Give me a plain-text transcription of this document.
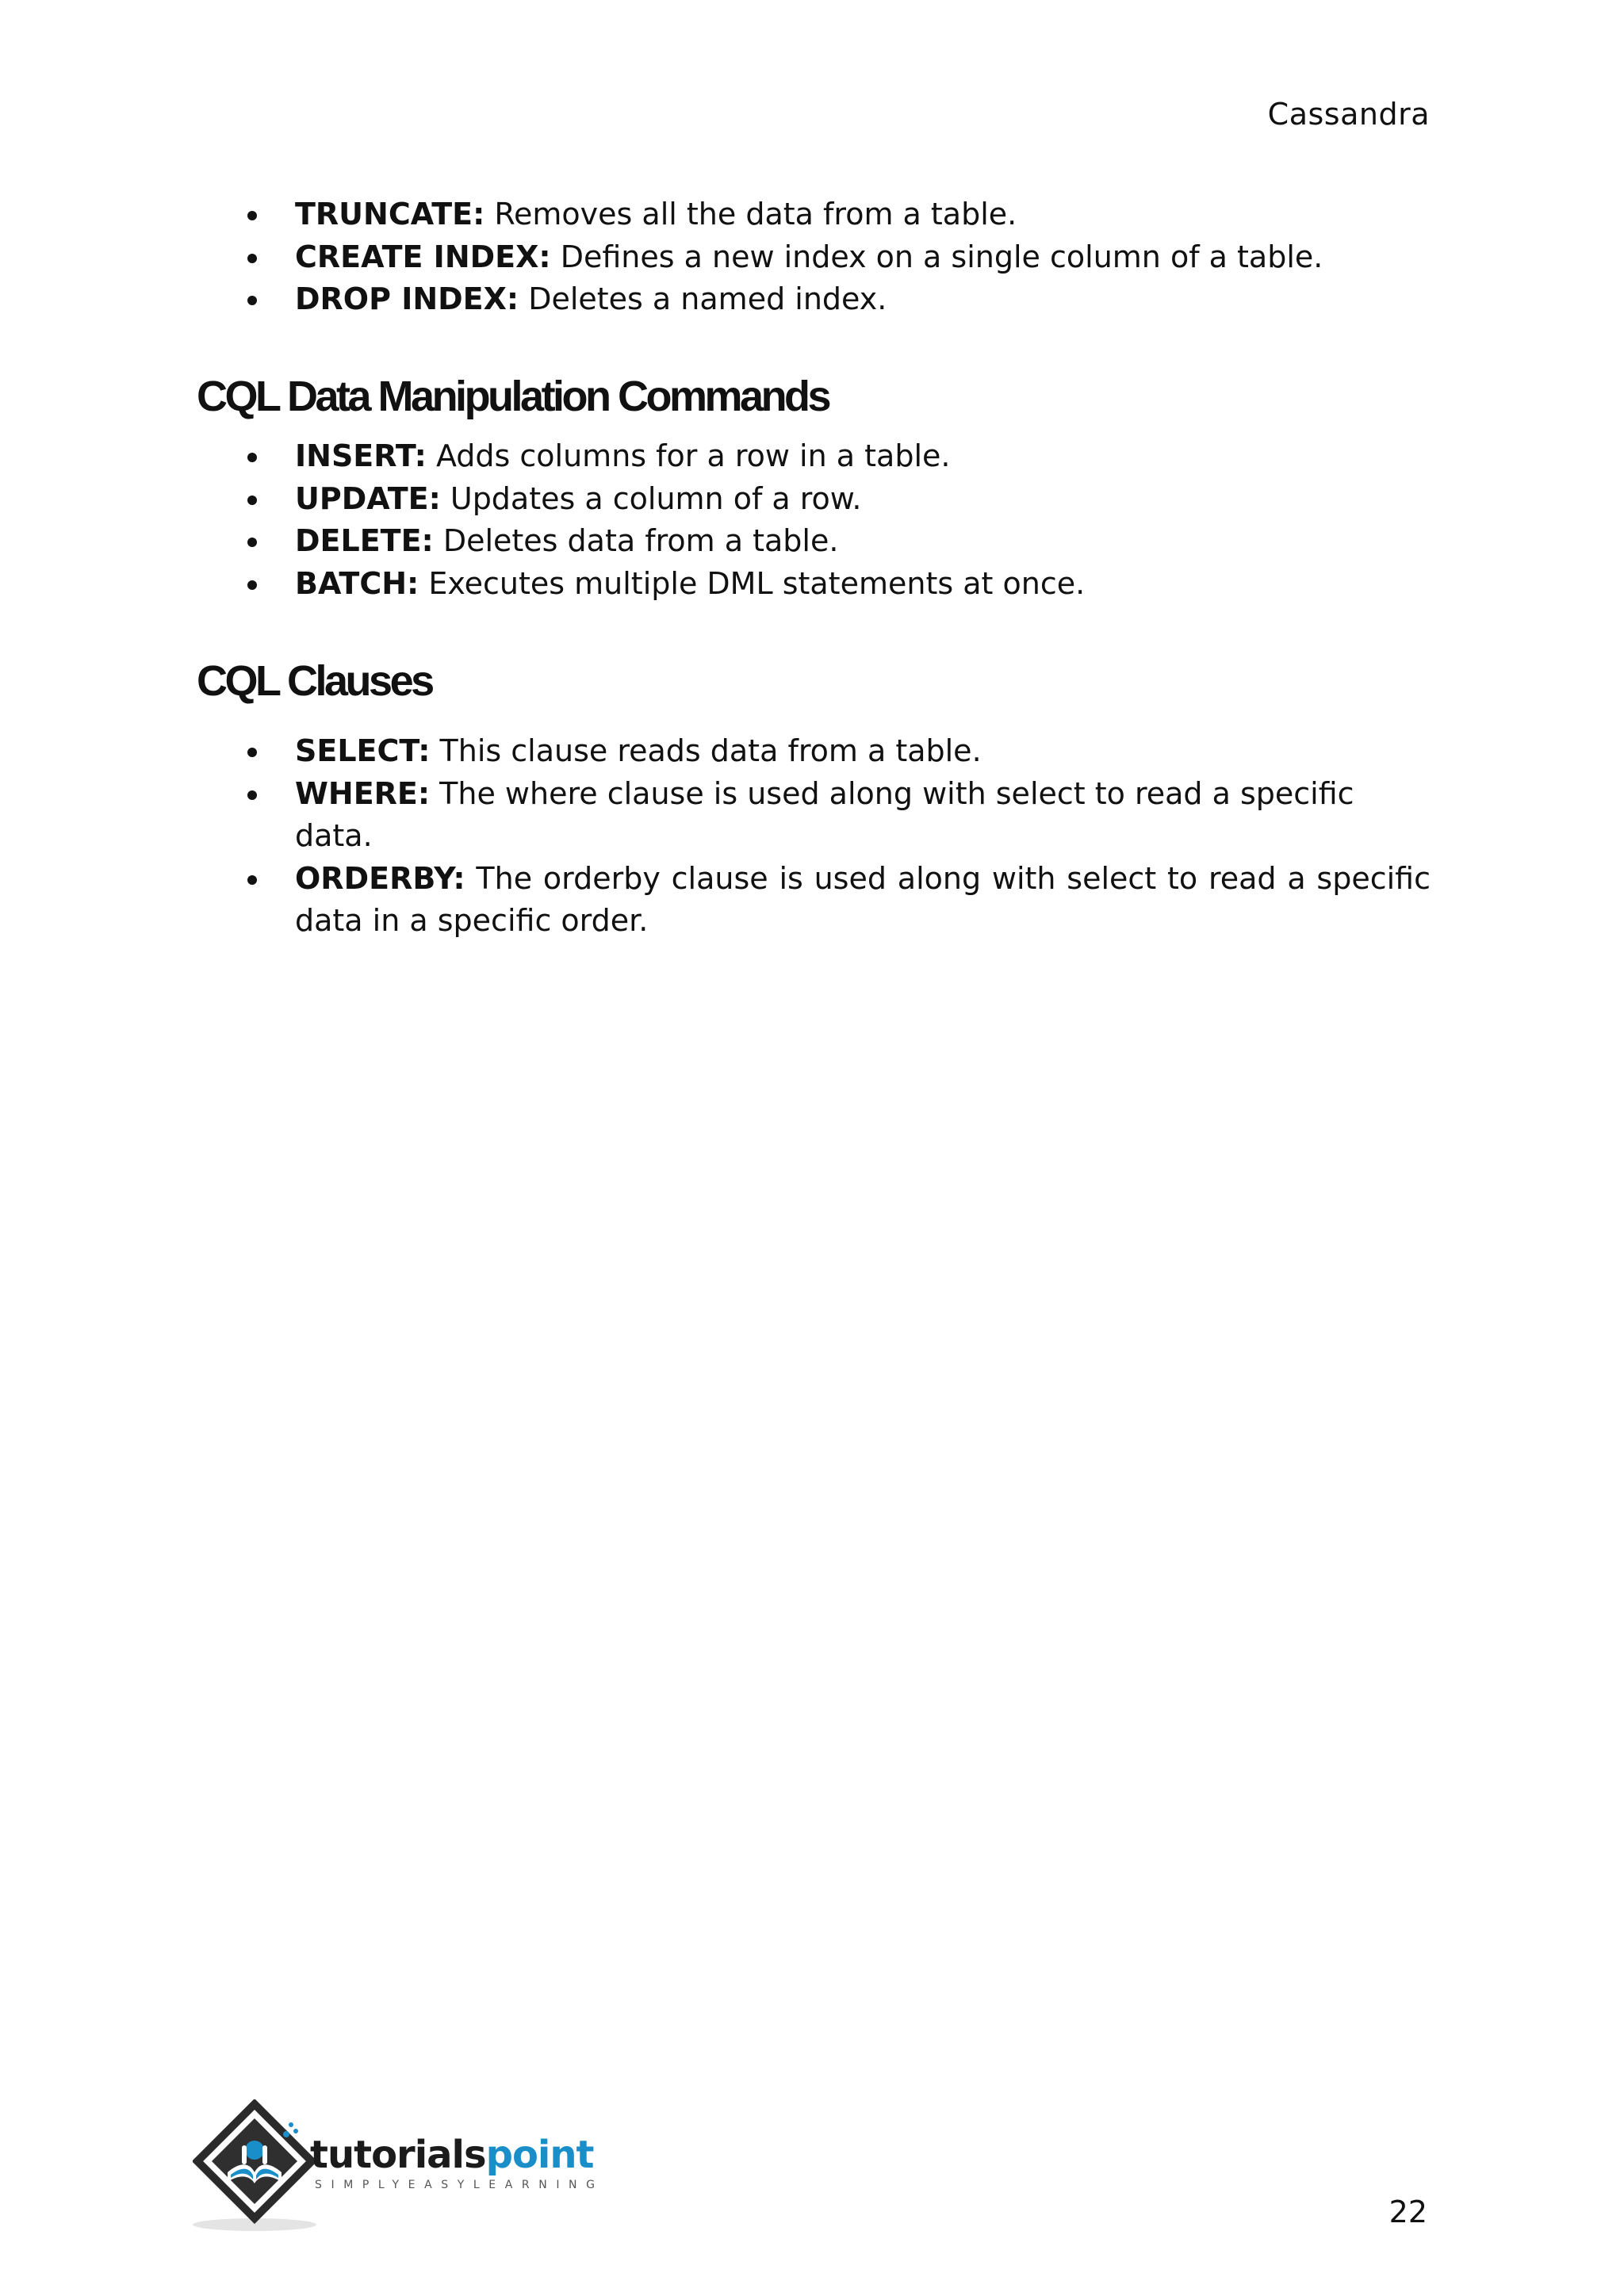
Cassandra
TRUNCATE: Removes all the data from a table.
CREATE INDEX: Defines a new index on a single column of a table.
DROP INDEX: Deletes a named index.
CQL Data Manipulation Commands
INSERT: Adds columns for a row in a table.
UPDATE: Updates a column of a row.
DELETE: Deletes data from a table.
BATCH: Executes multiple DML statements at once.
CQL Clauses
SELECT: This clause reads data from a table.
WHERE: The where clause is used along with select to read a specific data.
ORDERBY: The orderby clause is used along with select to read a specific data in a specific order.
tutorialspoint
SIMPLYEASYLEARNING
22
